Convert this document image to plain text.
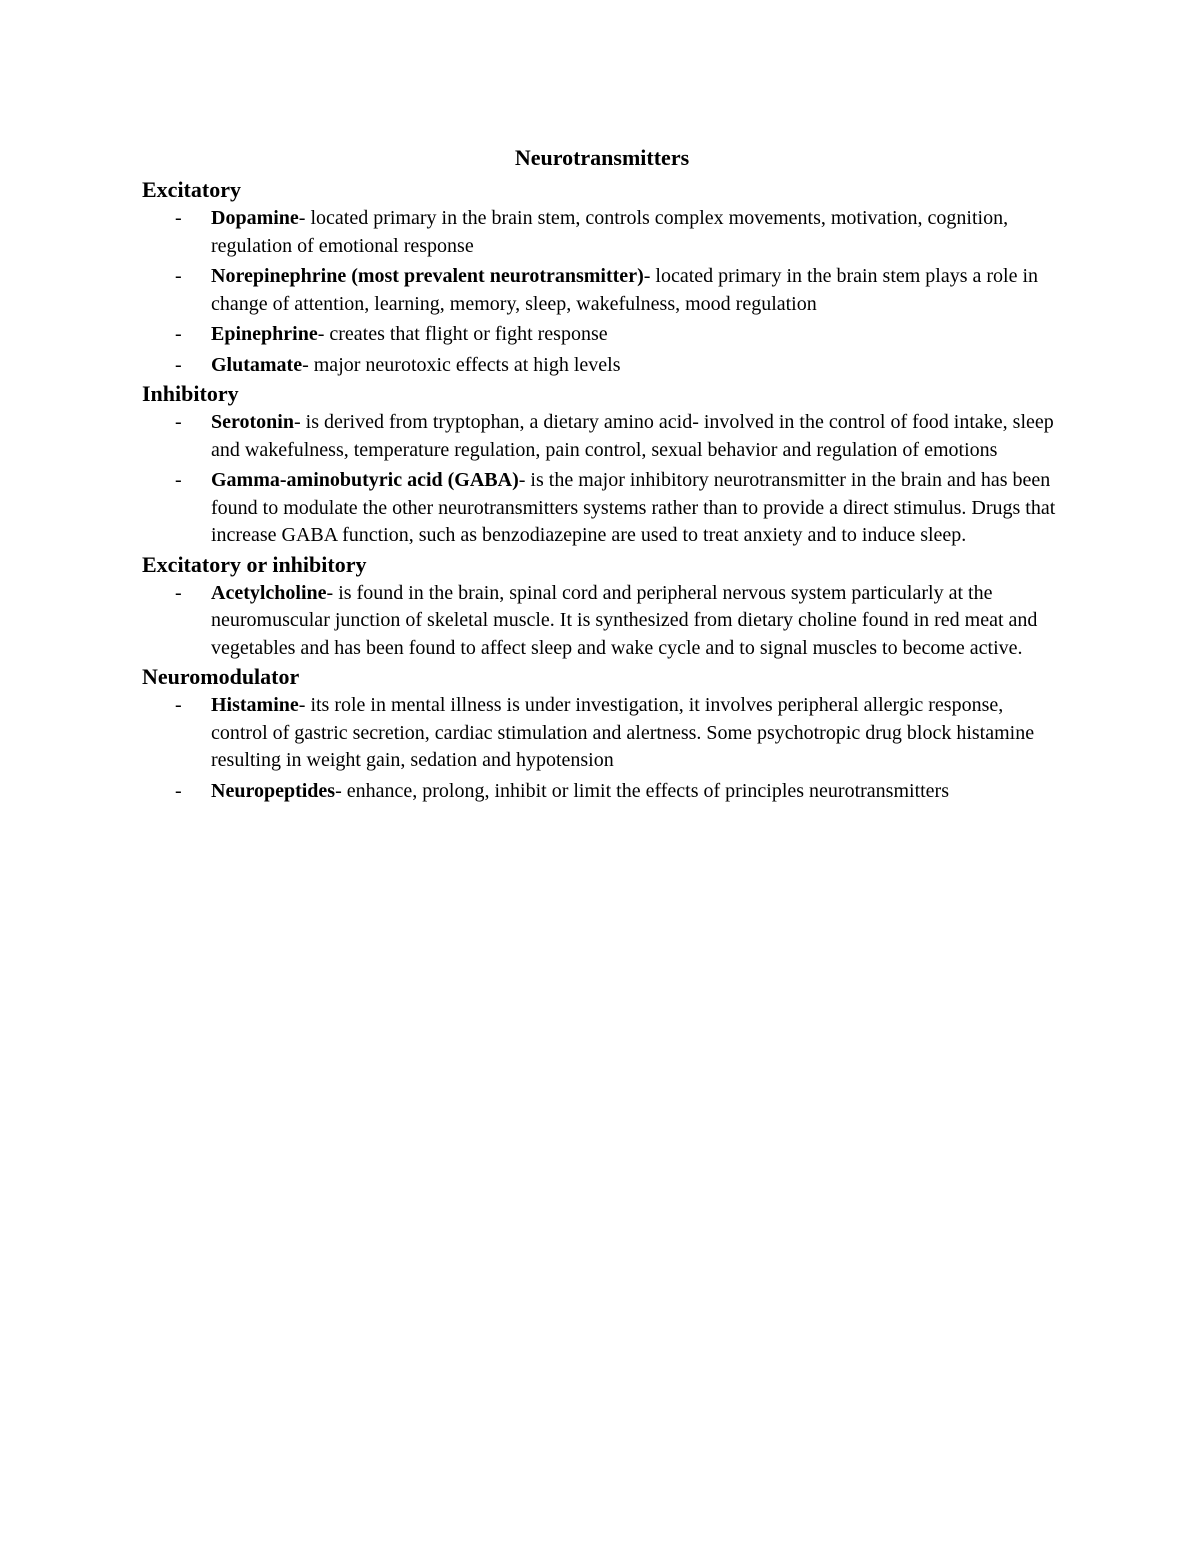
Neurotransmitters
Excitatory
- Dopamine- located primary in the brain stem, controls complex movements, motivation, cognition, regulation of emotional response
- Norepinephrine (most prevalent neurotransmitter)- located primary in the brain stem plays a role in change of attention, learning, memory, sleep, wakefulness, mood regulation
- Epinephrine- creates that flight or fight response
- Glutamate- major neurotoxic effects at high levels
Inhibitory
- Serotonin- is derived from tryptophan, a dietary amino acid- involved in the control of food intake, sleep and wakefulness, temperature regulation, pain control, sexual behavior and regulation of emotions
- Gamma-aminobutyric acid (GABA)- is the major inhibitory neurotransmitter in the brain and has been found to modulate the other neurotransmitters systems rather than to provide a direct stimulus. Drugs that increase GABA function, such as benzodiazepine are used to treat anxiety and to induce sleep.
Excitatory or inhibitory
- Acetylcholine- is found in the brain, spinal cord and peripheral nervous system particularly at the neuromuscular junction of skeletal muscle. It is synthesized from dietary choline found in red meat and vegetables and has been found to affect sleep and wake cycle and to signal muscles to become active.
Neuromodulator
- Histamine- its role in mental illness is under investigation, it involves peripheral allergic response, control of gastric secretion, cardiac stimulation and alertness. Some psychotropic drug block histamine resulting in weight gain, sedation and hypotension
- Neuropeptides- enhance, prolong, inhibit or limit the effects of principles neurotransmitters
